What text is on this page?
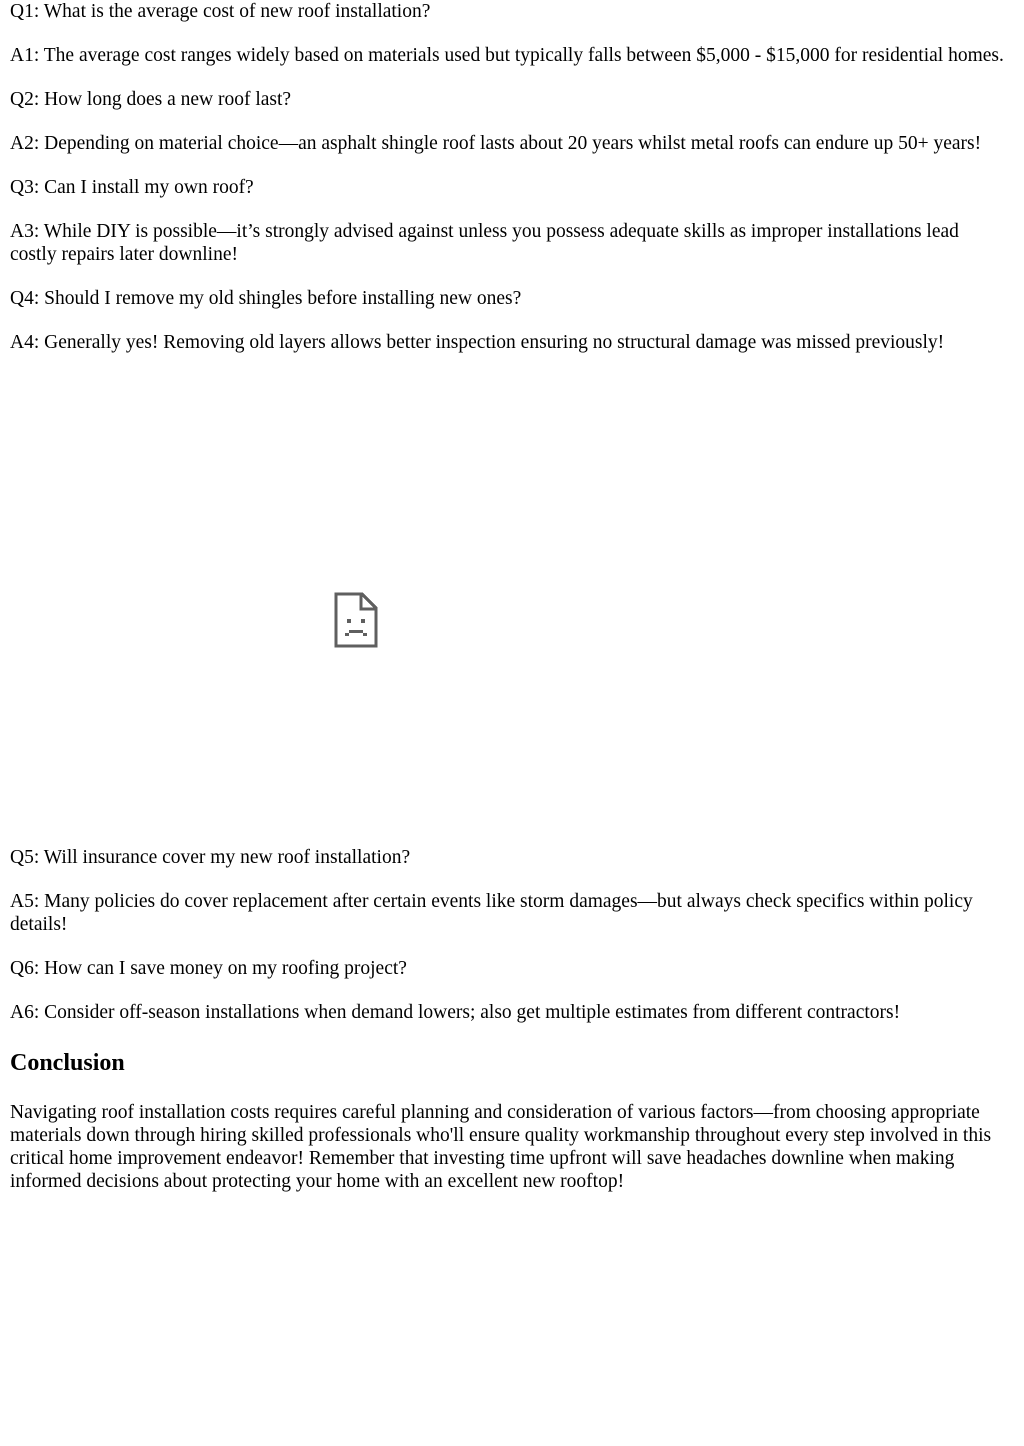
Q1: What is the average cost of new roof installation?

A1: The average cost ranges widely based on materials used but typically falls between $5,000 - $15,000 for residential homes.

Q2: How long does a new roof last?

A2: Depending on material choice—an asphalt shingle roof lasts about 20 years whilst metal roofs can endure up 50+ years!

Q3: Can I install my own roof?

A3: While DIY is possible—it’s strongly advised against unless you possess adequate skills as improper installations lead costly repairs later downline!

Q4: Should I remove my old shingles before installing new ones?

A4: Generally yes! Removing old layers allows better inspection ensuring no structural damage was missed previously!

Q5: Will insurance cover my new roof installation?

A5: Many policies do cover replacement after certain events like storm damages—but always check specifics within policy details!

Q6: How can I save money on my roofing project?

A6: Consider off-season installations when demand lowers; also get multiple estimates from different contractors!

Conclusion

Navigating roof installation costs requires careful planning and consideration of various factors—from choosing appropriate materials down through hiring skilled professionals who'll ensure quality workmanship throughout every step involved in this critical home improvement endeavor! Remember that investing time upfront will save headaches downline when making informed decisions about protecting your home with an excellent new rooftop!
